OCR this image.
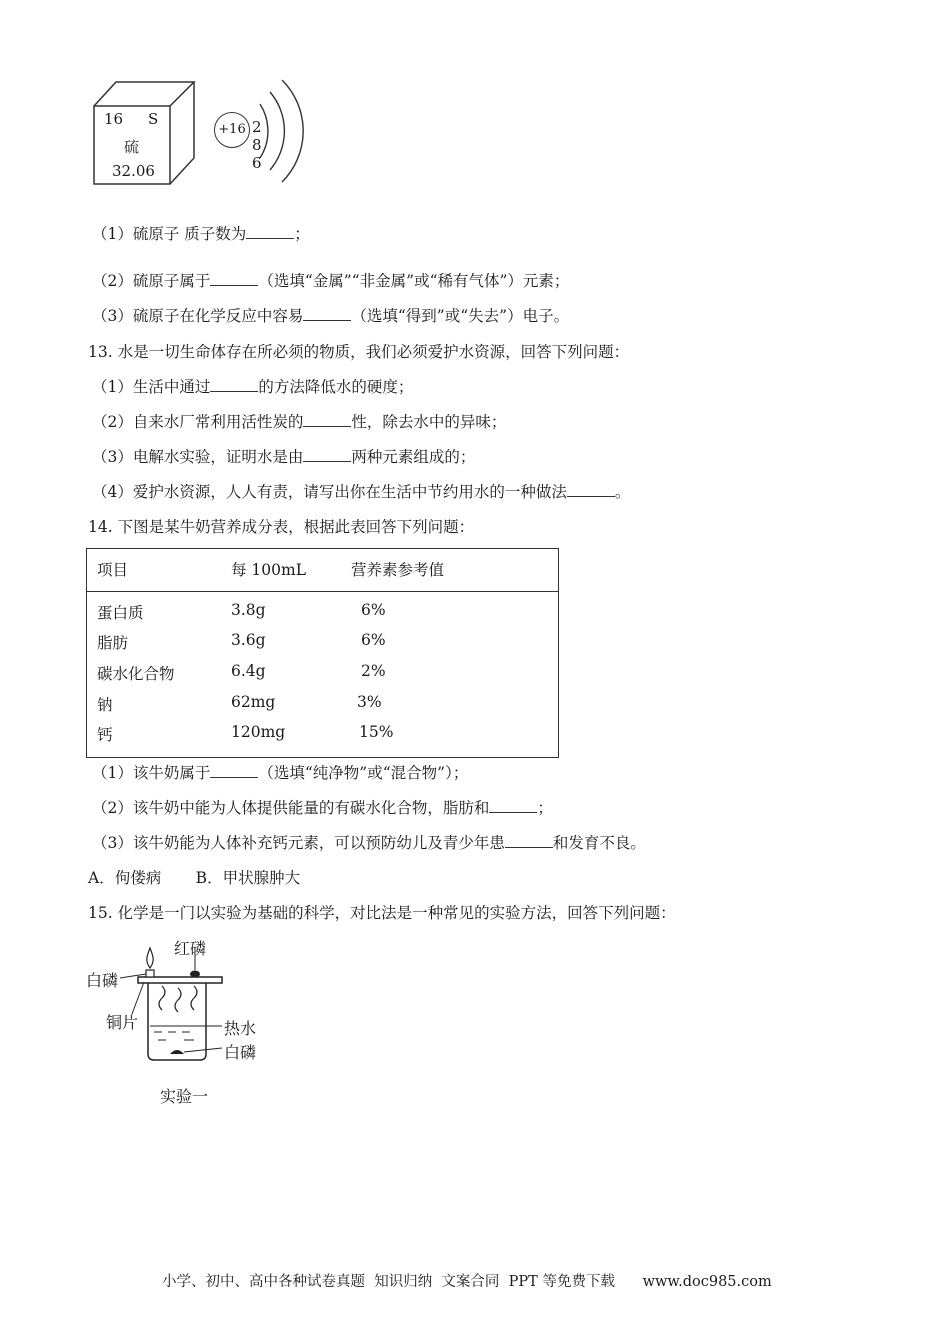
16 S
硫
32.06
+16 2 8 6
（1）硫原子 质子数为	；
（2）硫原子属于	（选填“金属”“非金属”或“稀有气体”）元素；
（3）硫原子在化学反应中容易	（选填“得到”或“失去”）电子。
13. 水是一切生命体存在所必须的物质，我们必须爱护水资源，回答下列问题：
（1）生活中通过	的方法降低水的硬度；
（2）自来水厂常利用活性炭的	性，除去水中的异味；
（3）电解水实验，证明水是由	两种元素组成的；
（4）爱护水资源，人人有责，请写出你在生活中节约用水的一种做法	。
14. 下图是某牛奶营养成分表，根据此表回答下列问题：
项目	每 100mL	营养素参考值
蛋白质	3.8g	6%
脂肪	3.6g	6%
碳水化合物	6.4g	2%
钠	62mg	3%
钙	120mg	15%
（1）该牛奶属于	（选填“纯净物”或“混合物”）；
（2）该牛奶中能为人体提供能量的有碳水化合物，脂肪和	；
（3）该牛奶能为人体补充钙元素，可以预防幼儿及青少年患	和发育不良。
A．佝偻病       B．甲状腺肿大
15. 化学是一门以实验为基础的科学，对比法是一种常见的实验方法，回答下列问题：
红磷
白磷
铜片	热水
白磷
实验一
小学、初中、高中各种试卷真题  知识归纳  文案合同  PPT 等免费下载      www.doc985.com
